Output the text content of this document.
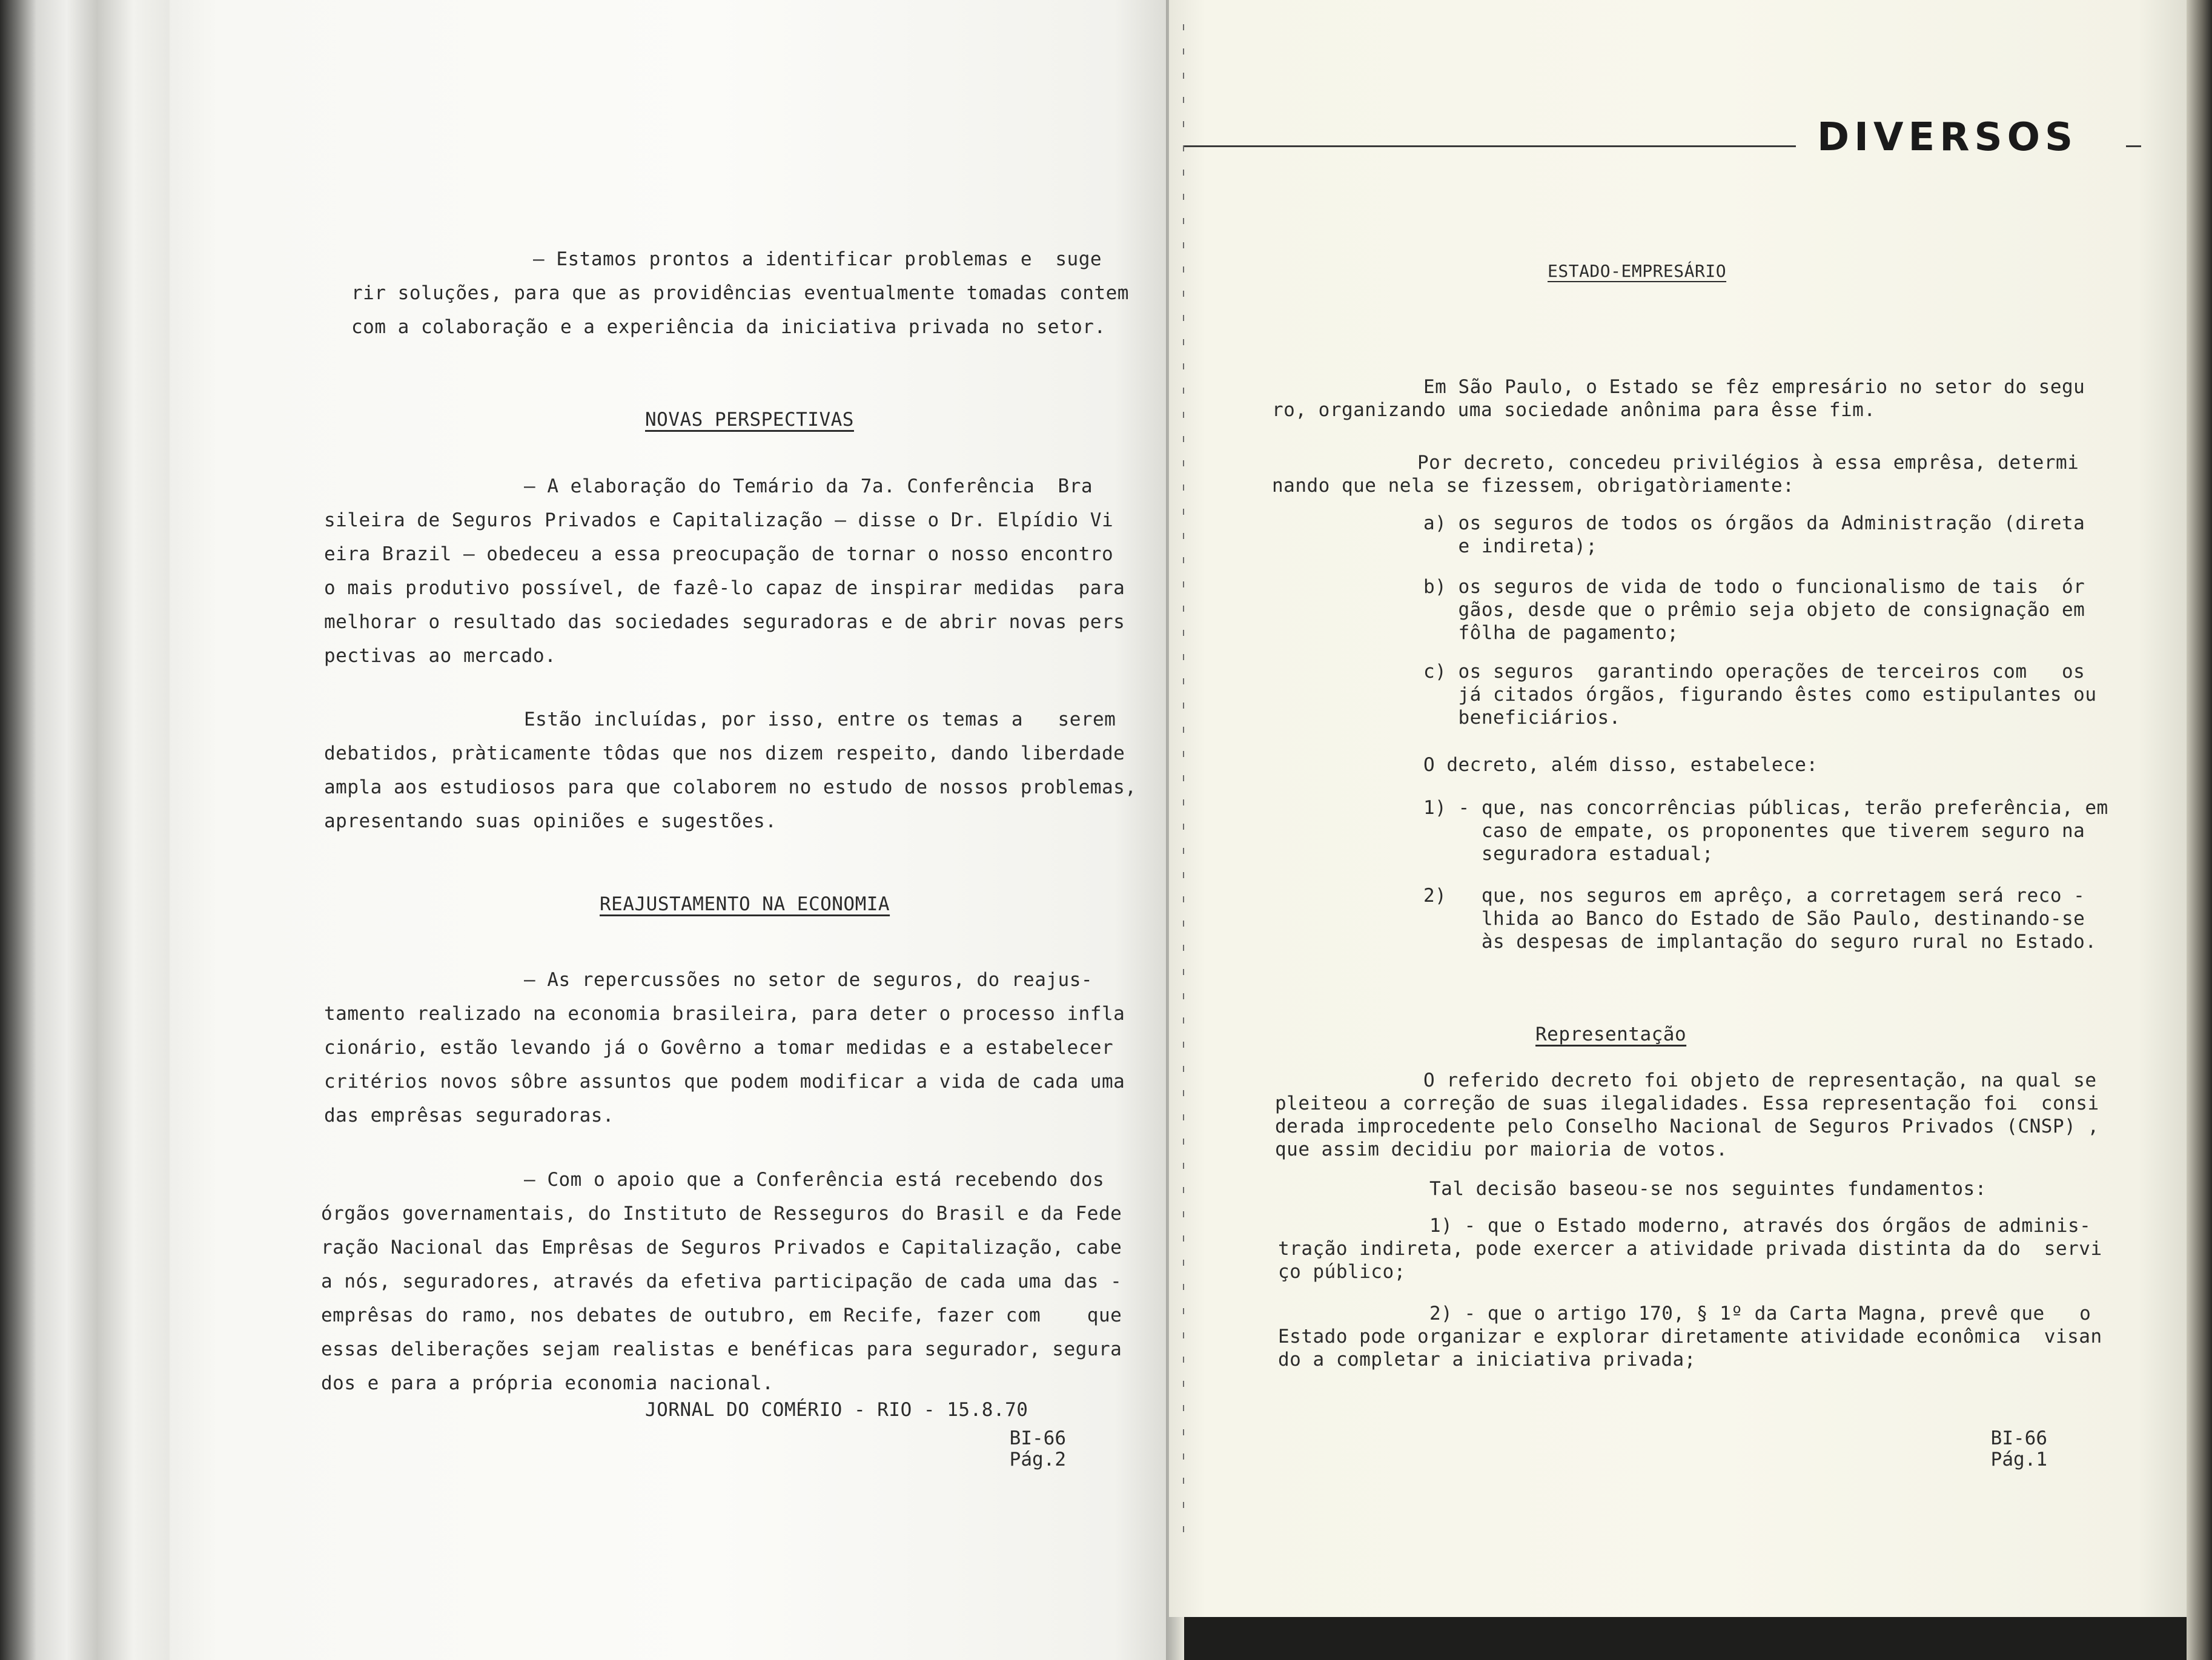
— Estamos prontos a identificar problemas e  suge
rir soluções, para que as providências eventualmente tomadas contem
com a colaboração e a experiência da iniciativa privada no setor.
NOVAS PERSPECTIVAS
— A elaboração do Temário da 7a. Conferência  Bra
sileira de Seguros Privados e Capitalização — disse o Dr. Elpídio Vi
eira Brazil — obedeceu a essa preocupação de tornar o nosso encontro
o mais produtivo possível, de fazê-lo capaz de inspirar medidas  para
melhorar o resultado das sociedades seguradoras e de abrir novas pers
pectivas ao mercado.
Estão incluídas, por isso, entre os temas a   serem
debatidos, pràticamente tôdas que nos dizem respeito, dando liberdade
ampla aos estudiosos para que colaborem no estudo de nossos problemas,
apresentando suas opiniões e sugestões.
REAJUSTAMENTO NA ECONOMIA
— As repercussões no setor de seguros, do reajus-
tamento realizado na economia brasileira, para deter o processo infla
cionário, estão levando já o Govêrno a tomar medidas e a estabelecer
critérios novos sôbre assuntos que podem modificar a vida de cada uma
das emprêsas seguradoras.
— Com o apoio que a Conferência está recebendo dos
órgãos governamentais, do Instituto de Resseguros do Brasil e da Fede
ração Nacional das Emprêsas de Seguros Privados e Capitalização, cabe
a nós, seguradores, através da efetiva participação de cada uma das -
emprêsas do ramo, nos debates de outubro, em Recife, fazer com    que
essas deliberações sejam realistas e benéficas para segurador, segura
dos e para a própria economia nacional.
JORNAL DO COMÉRIO - RIO - 15.8.70
BI-66
Pág.2
DIVERSOS
ESTADO-EMPRESÁRIO
Em São Paulo, o Estado se fêz empresário no setor do segu
ro, organizando uma sociedade anônima para êsse fim.
Por decreto, concedeu privilégios à essa emprêsa, determi
nando que nela se fizessem, obrigatòriamente:
a) os seguros de todos os órgãos da Administração (direta
e indireta);
b) os seguros de vida de todo o funcionalismo de tais  ór
gãos, desde que o prêmio seja objeto de consignação em
fôlha de pagamento;
c) os seguros  garantindo operações de terceiros com   os
já citados órgãos, figurando êstes como estipulantes ou
beneficiários.
O decreto, além disso, estabelece:
1) - que, nas concorrências públicas, terão preferência, em
caso de empate, os proponentes que tiverem seguro na
seguradora estadual;
2)   que, nos seguros em aprêço, a corretagem será reco -
lhida ao Banco do Estado de São Paulo, destinando-se
às despesas de implantação do seguro rural no Estado.
Representação
O referido decreto foi objeto de representação, na qual se
pleiteou a correção de suas ilegalidades. Essa representação foi  consi
derada improcedente pelo Conselho Nacional de Seguros Privados (CNSP) ,
que assim decidiu por maioria de votos.
Tal decisão baseou-se nos seguintes fundamentos:
1) - que o Estado moderno, através dos órgãos de adminis-
tração indireta, pode exercer a atividade privada distinta da do  servi
ço público;
2) - que o artigo 170, § 1º da Carta Magna, prevê que   o
Estado pode organizar e explorar diretamente atividade econômica  visan
do a completar a iniciativa privada;
BI-66
Pág.1
